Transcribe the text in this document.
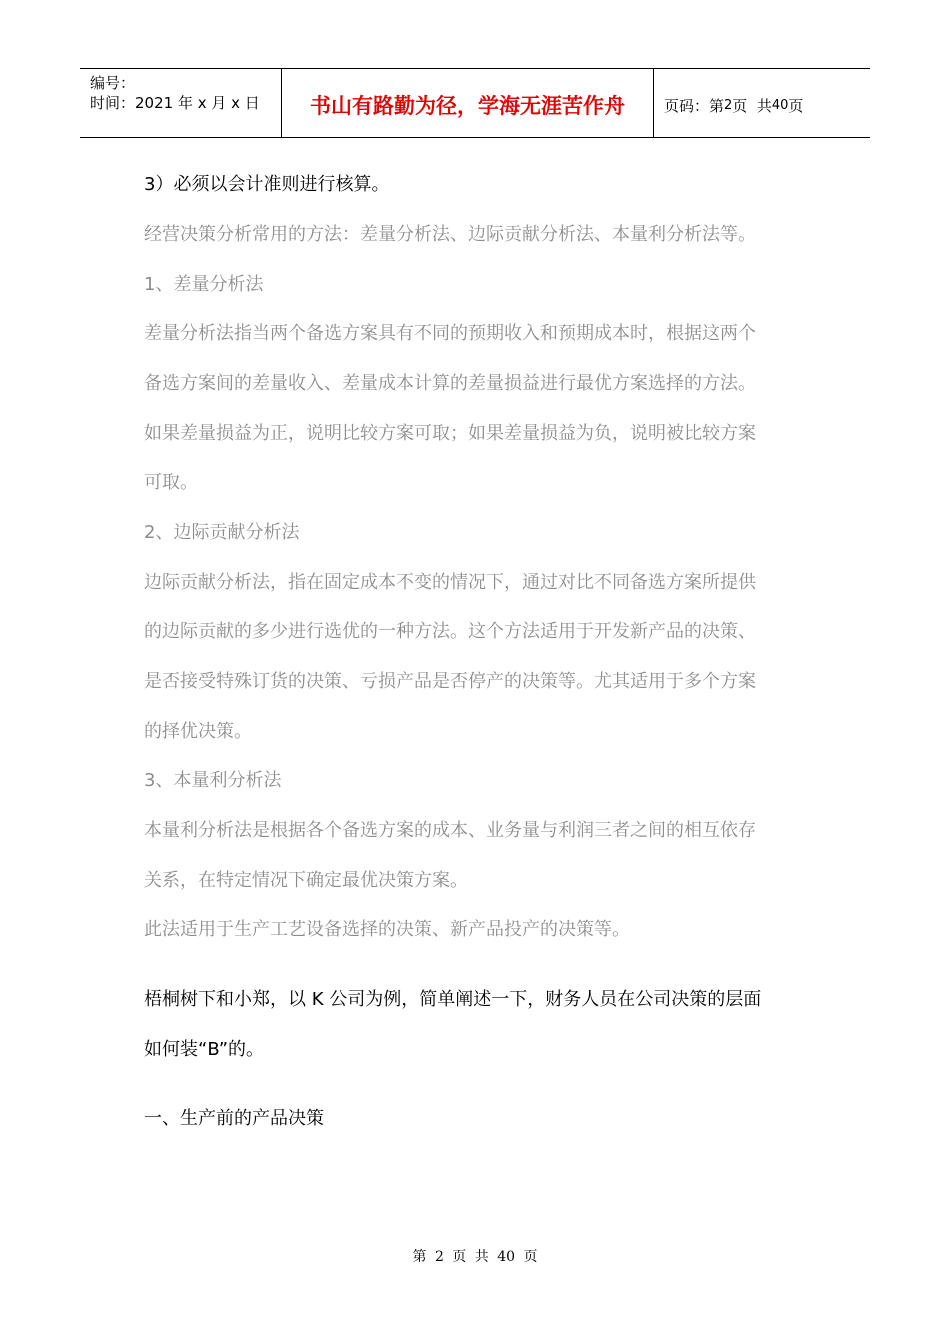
编号：
时间：2021 年 x 月 x 日	书山有路勤为径，学海无涯苦作舟	页码：第 2 页  共 40 页
3）必须以会计准则进行核算。
经营决策分析常用的方法：差量分析法、边际贡献分析法、本量利分析法等。
1、差量分析法
差量分析法指当两个备选方案具有不同的预期收入和预期成本时，根据这两个
备选方案间的差量收入、差量成本计算的差量损益进行最优方案选择的方法。
如果差量损益为正，说明比较方案可取；如果差量损益为负，说明被比较方案
可取。
2、边际贡献分析法
边际贡献分析法，指在固定成本不变的情况下，通过对比不同备选方案所提供
的边际贡献的多少进行选优的一种方法。这个方法适用于开发新产品的决策、
是否接受特殊订货的决策、亏损产品是否停产的决策等。尤其适用于多个方案
的择优决策。
3、本量利分析法
本量利分析法是根据各个备选方案的成本、业务量与利润三者之间的相互依存
关系，在特定情况下确定最优决策方案。
此法适用于生产工艺设备选择的决策、新产品投产的决策等。
梧桐树下和小郑，以 K 公司为例，简单阐述一下，财务人员在公司决策的层面
如何装“B”的。
一、生产前的产品决策
第 2 页 共 40 页
